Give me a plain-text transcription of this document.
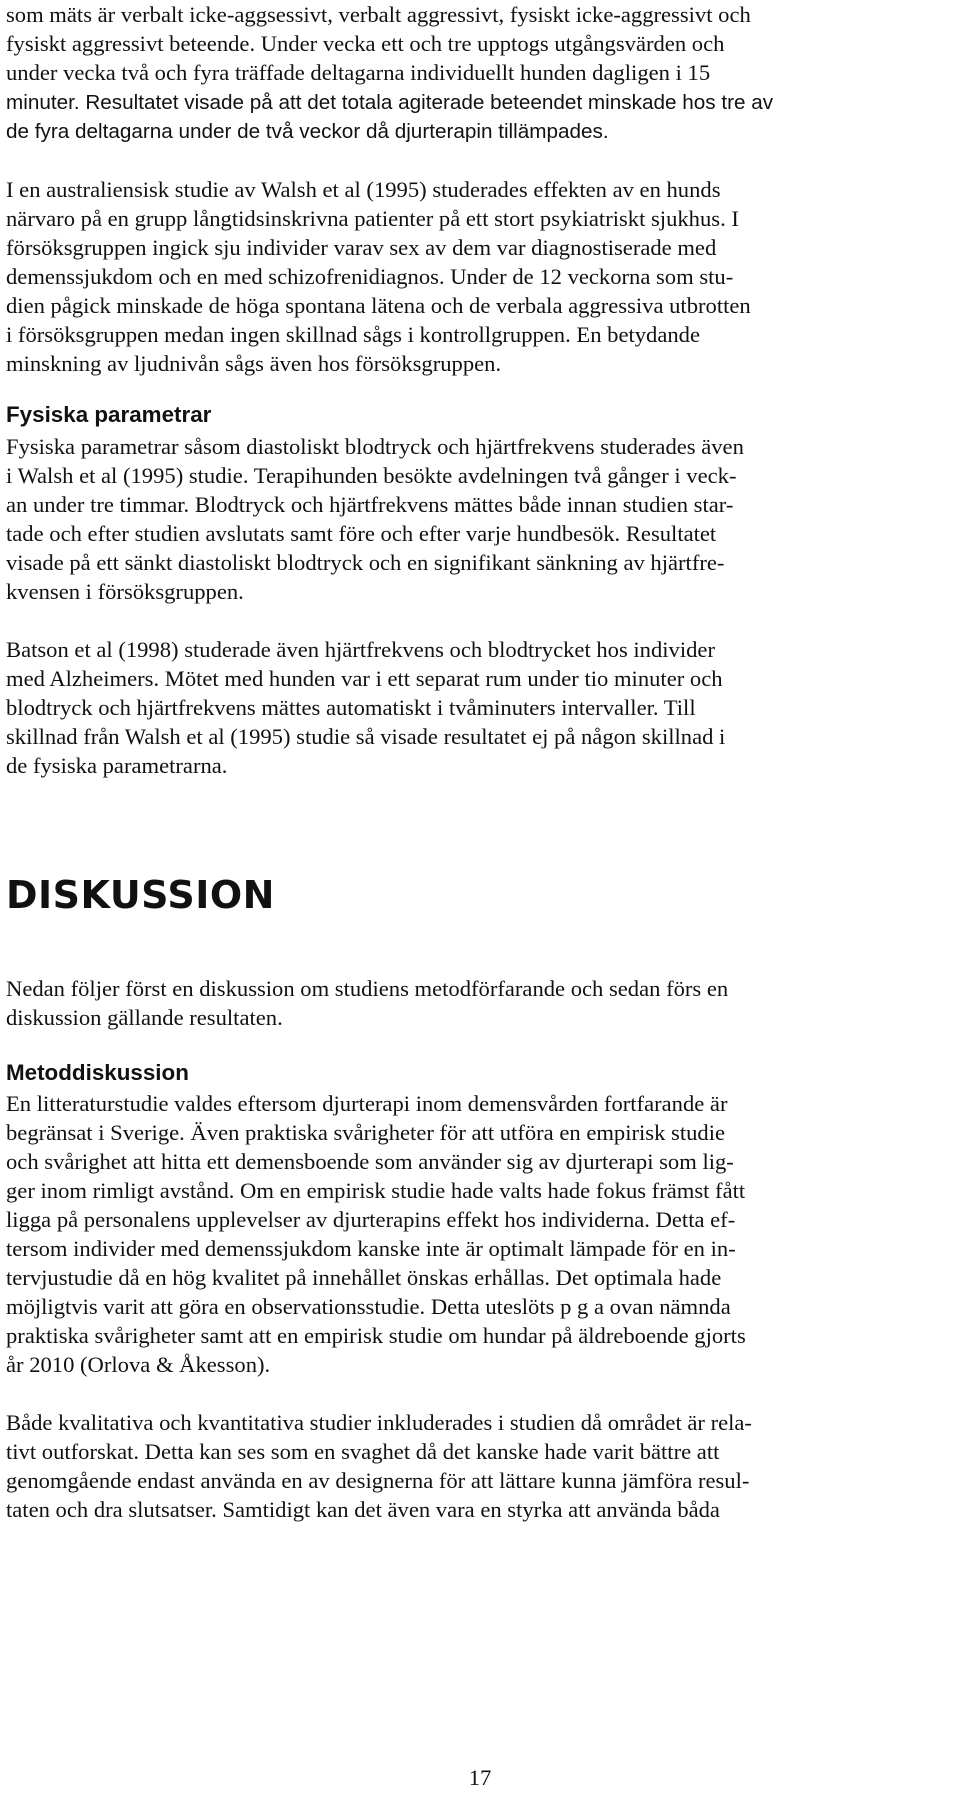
som mäts är verbalt icke-aggsessivt, verbalt aggressivt, fysiskt icke-aggressivt och
fysiskt aggressivt beteende. Under vecka ett och tre upptogs utgångsvärden och
under vecka två och fyra träffade deltagarna individuellt hunden dagligen i 15
minuter. Resultatet visade på att det totala agiterade beteendet minskade hos tre av
de fyra deltagarna under de två veckor då djurterapin tillämpades.
I en australiensisk studie av Walsh et al (1995) studerades effekten av en hunds
närvaro på en grupp långtidsinskrivna patienter på ett stort psykiatriskt sjukhus. I
försöksgruppen ingick sju individer varav sex av dem var diagnostiserade med
demenssjukdom och en med schizofrenidiagnos. Under de 12 veckorna som stu-
dien pågick minskade de höga spontana lätena och de verbala aggressiva utbrotten
i försöksgruppen medan ingen skillnad sågs i kontrollgruppen. En betydande
minskning av ljudnivån sågs även hos försöksgruppen.
Fysiska parametrar
Fysiska parametrar såsom diastoliskt blodtryck och hjärtfrekvens studerades även
i Walsh et al (1995) studie. Terapihunden besökte avdelningen två gånger i veck-
an under tre timmar. Blodtryck och hjärtfrekvens mättes både innan studien star-
tade och efter studien avslutats samt före och efter varje hundbesök. Resultatet
visade på ett sänkt diastoliskt blodtryck och en signifikant sänkning av hjärtfre-
kvensen i försöksgruppen.
Batson et al (1998) studerade även hjärtfrekvens och blodtrycket hos individer
med Alzheimers. Mötet med hunden var i ett separat rum under tio minuter och
blodtryck och hjärtfrekvens mättes automatiskt i tvåminuters intervaller. Till
skillnad från Walsh et al (1995) studie så visade resultatet ej på någon skillnad i
de fysiska parametrarna.
DISKUSSION
Nedan följer först en diskussion om studiens metodförfarande och sedan förs en
diskussion gällande resultaten.
Metoddiskussion
En litteraturstudie valdes eftersom djurterapi inom demensvården fortfarande är
begränsat i Sverige. Även praktiska svårigheter för att utföra en empirisk studie
och svårighet att hitta ett demensboende som använder sig av djurterapi som lig-
ger inom rimligt avstånd. Om en empirisk studie hade valts hade fokus främst fått
ligga på personalens upplevelser av djurterapins effekt hos individerna. Detta ef-
tersom individer med demenssjukdom kanske inte är optimalt lämpade för en in-
tervjustudie då en hög kvalitet på innehållet önskas erhållas. Det optimala hade
möjligtvis varit att göra en observationsstudie. Detta uteslöts p g a ovan nämnda
praktiska svårigheter samt att en empirisk studie om hundar på äldreboende gjorts
år 2010 (Orlova & Åkesson).
Både kvalitativa och kvantitativa studier inkluderades i studien då området är rela-
tivt outforskat. Detta kan ses som en svaghet då det kanske hade varit bättre att
genomgående endast använda en av designerna för att lättare kunna jämföra resul-
taten och dra slutsatser. Samtidigt kan det även vara en styrka att använda båda
17
